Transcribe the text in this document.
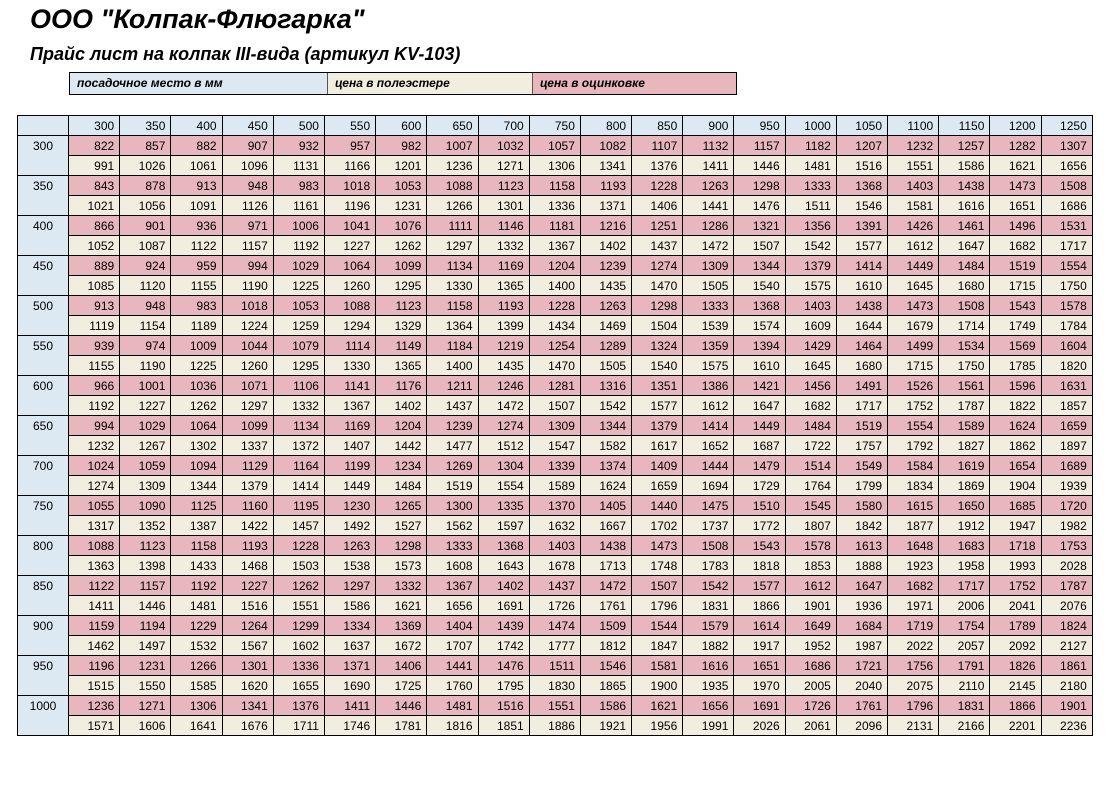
ООО "Колпак-Флюгарка"
Прайс лист на колпак III-вида (артикул KV-103)
посадочное место в мм	цена в полеэстере	цена в оцинковке
	300	350	400	450	500	550	600	650	700	750	800	850	900	950	1000	1050	1100	1150	1200	1250
300	822	857	882	907	932	957	982	1007	1032	1057	1082	1107	1132	1157	1182	1207	1232	1257	1282	1307
	991	1026	1061	1096	1131	1166	1201	1236	1271	1306	1341	1376	1411	1446	1481	1516	1551	1586	1621	1656
350	843	878	913	948	983	1018	1053	1088	1123	1158	1193	1228	1263	1298	1333	1368	1403	1438	1473	1508
	1021	1056	1091	1126	1161	1196	1231	1266	1301	1336	1371	1406	1441	1476	1511	1546	1581	1616	1651	1686
400	866	901	936	971	1006	1041	1076	1111	1146	1181	1216	1251	1286	1321	1356	1391	1426	1461	1496	1531
	1052	1087	1122	1157	1192	1227	1262	1297	1332	1367	1402	1437	1472	1507	1542	1577	1612	1647	1682	1717
450	889	924	959	994	1029	1064	1099	1134	1169	1204	1239	1274	1309	1344	1379	1414	1449	1484	1519	1554
	1085	1120	1155	1190	1225	1260	1295	1330	1365	1400	1435	1470	1505	1540	1575	1610	1645	1680	1715	1750
500	913	948	983	1018	1053	1088	1123	1158	1193	1228	1263	1298	1333	1368	1403	1438	1473	1508	1543	1578
	1119	1154	1189	1224	1259	1294	1329	1364	1399	1434	1469	1504	1539	1574	1609	1644	1679	1714	1749	1784
550	939	974	1009	1044	1079	1114	1149	1184	1219	1254	1289	1324	1359	1394	1429	1464	1499	1534	1569	1604
	1155	1190	1225	1260	1295	1330	1365	1400	1435	1470	1505	1540	1575	1610	1645	1680	1715	1750	1785	1820
600	966	1001	1036	1071	1106	1141	1176	1211	1246	1281	1316	1351	1386	1421	1456	1491	1526	1561	1596	1631
	1192	1227	1262	1297	1332	1367	1402	1437	1472	1507	1542	1577	1612	1647	1682	1717	1752	1787	1822	1857
650	994	1029	1064	1099	1134	1169	1204	1239	1274	1309	1344	1379	1414	1449	1484	1519	1554	1589	1624	1659
	1232	1267	1302	1337	1372	1407	1442	1477	1512	1547	1582	1617	1652	1687	1722	1757	1792	1827	1862	1897
700	1024	1059	1094	1129	1164	1199	1234	1269	1304	1339	1374	1409	1444	1479	1514	1549	1584	1619	1654	1689
	1274	1309	1344	1379	1414	1449	1484	1519	1554	1589	1624	1659	1694	1729	1764	1799	1834	1869	1904	1939
750	1055	1090	1125	1160	1195	1230	1265	1300	1335	1370	1405	1440	1475	1510	1545	1580	1615	1650	1685	1720
	1317	1352	1387	1422	1457	1492	1527	1562	1597	1632	1667	1702	1737	1772	1807	1842	1877	1912	1947	1982
800	1088	1123	1158	1193	1228	1263	1298	1333	1368	1403	1438	1473	1508	1543	1578	1613	1648	1683	1718	1753
	1363	1398	1433	1468	1503	1538	1573	1608	1643	1678	1713	1748	1783	1818	1853	1888	1923	1958	1993	2028
850	1122	1157	1192	1227	1262	1297	1332	1367	1402	1437	1472	1507	1542	1577	1612	1647	1682	1717	1752	1787
	1411	1446	1481	1516	1551	1586	1621	1656	1691	1726	1761	1796	1831	1866	1901	1936	1971	2006	2041	2076
900	1159	1194	1229	1264	1299	1334	1369	1404	1439	1474	1509	1544	1579	1614	1649	1684	1719	1754	1789	1824
	1462	1497	1532	1567	1602	1637	1672	1707	1742	1777	1812	1847	1882	1917	1952	1987	2022	2057	2092	2127
950	1196	1231	1266	1301	1336	1371	1406	1441	1476	1511	1546	1581	1616	1651	1686	1721	1756	1791	1826	1861
	1515	1550	1585	1620	1655	1690	1725	1760	1795	1830	1865	1900	1935	1970	2005	2040	2075	2110	2145	2180
1000	1236	1271	1306	1341	1376	1411	1446	1481	1516	1551	1586	1621	1656	1691	1726	1761	1796	1831	1866	1901
	1571	1606	1641	1676	1711	1746	1781	1816	1851	1886	1921	1956	1991	2026	2061	2096	2131	2166	2201	2236
